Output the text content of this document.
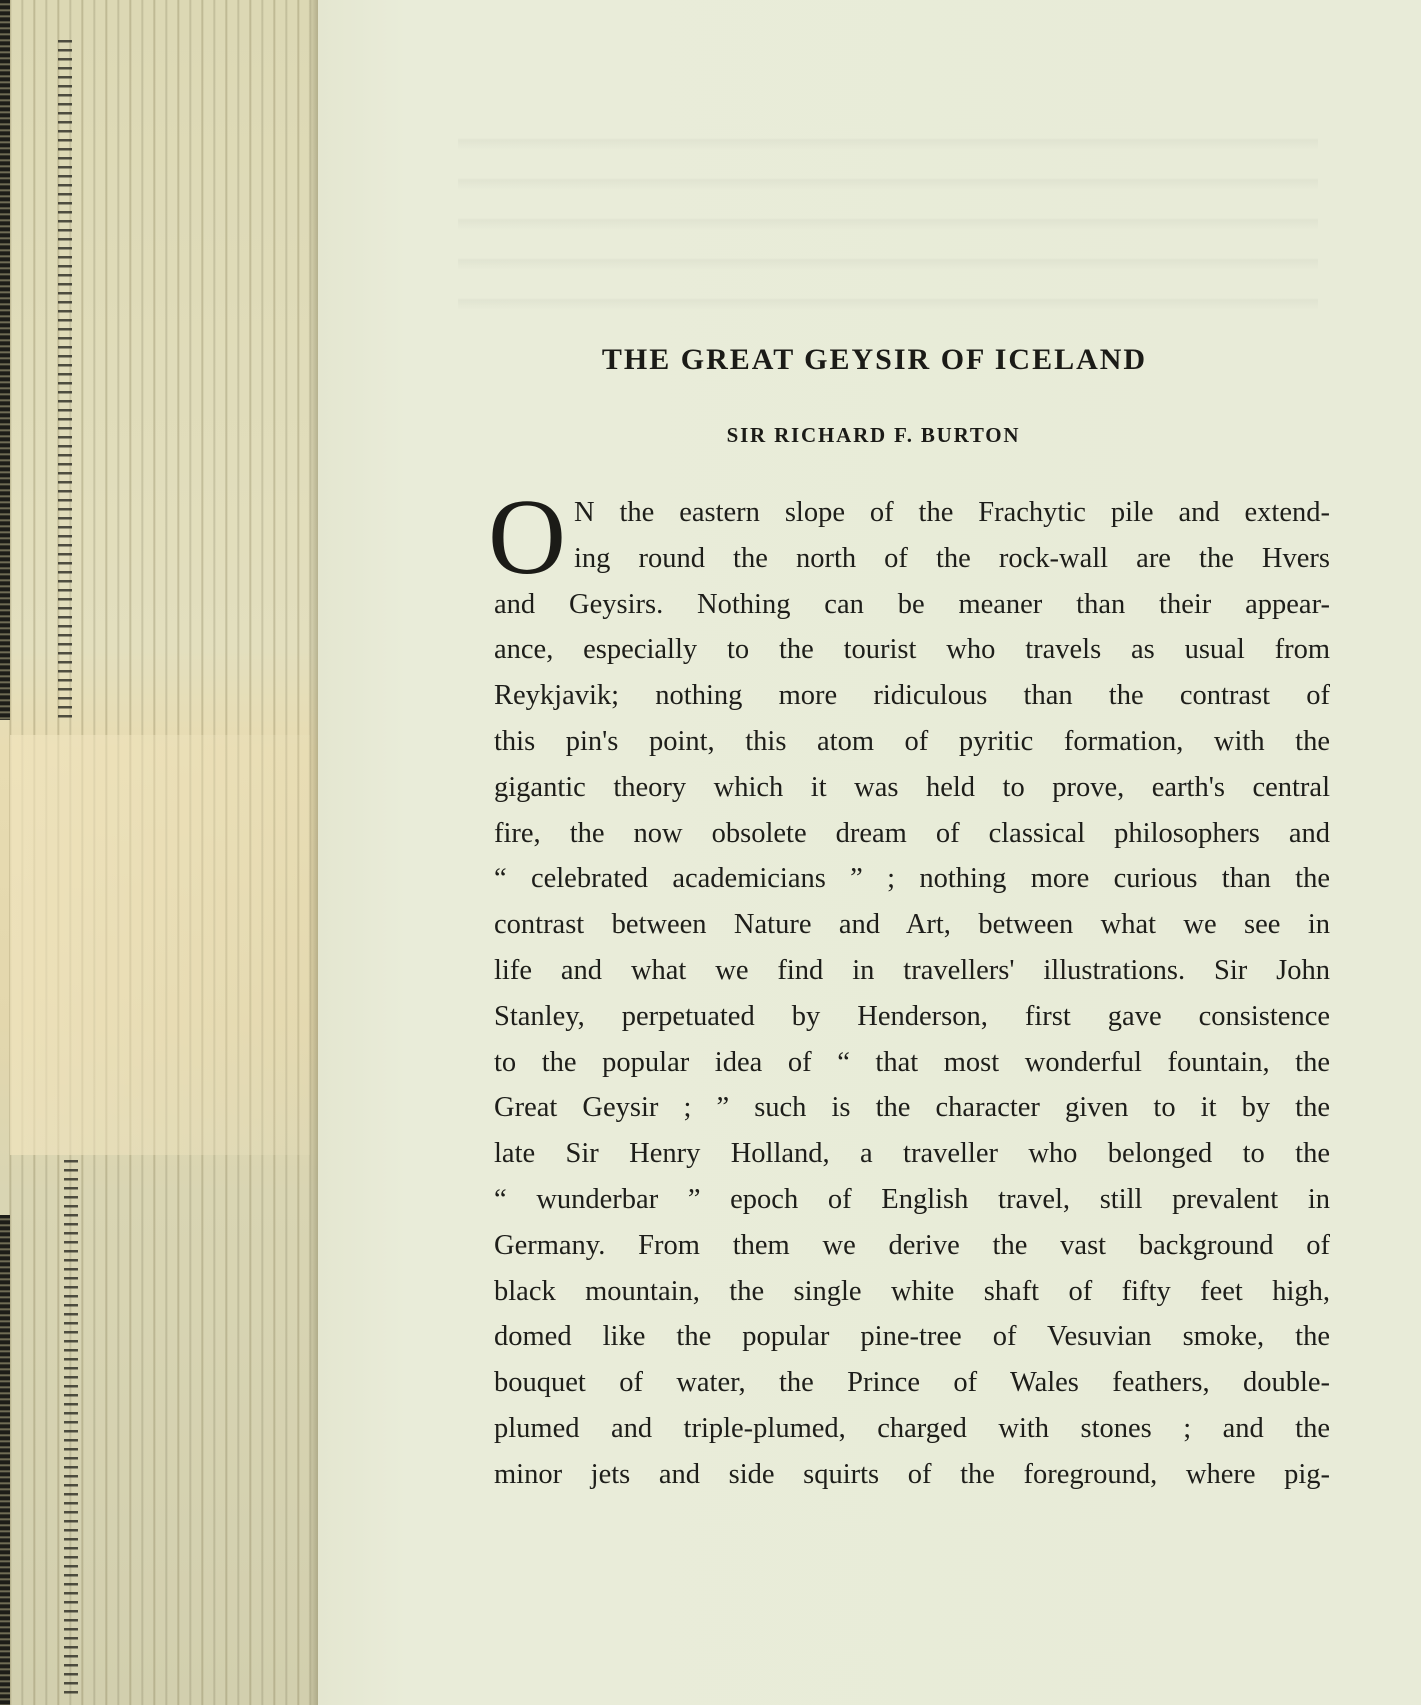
THE GREAT GEYSIR OF ICELAND
SIR RICHARD F. BURTON
O N the eastern slope of the Frachytic pile and extend-
ing round the north of the rock-wall are the Hvers
and Geysirs. Nothing can be meaner than their appear-
ance, especially to the tourist who travels as usual from
Reykjavik; nothing more ridiculous than the contrast of
this pin's point, this atom of pyritic formation, with the
gigantic theory which it was held to prove, earth's central
fire, the now obsolete dream of classical philosophers and
“ celebrated academicians ” ; nothing more curious than the
contrast between Nature and Art, between what we see in
life and what we find in travellers' illustrations. Sir John
Stanley, perpetuated by Henderson, first gave consistence
to the popular idea of “ that most wonderful fountain, the
Great Geysir ; ” such is the character given to it by the
late Sir Henry Holland, a traveller who belonged to the
“ wunderbar ” epoch of English travel, still prevalent in
Germany. From them we derive the vast background of
black mountain, the single white shaft of fifty feet high,
domed like the popular pine-tree of Vesuvian smoke, the
bouquet of water, the Prince of Wales feathers, double-
plumed and triple-plumed, charged with stones ; and the
minor jets and side squirts of the foreground, where pig-
